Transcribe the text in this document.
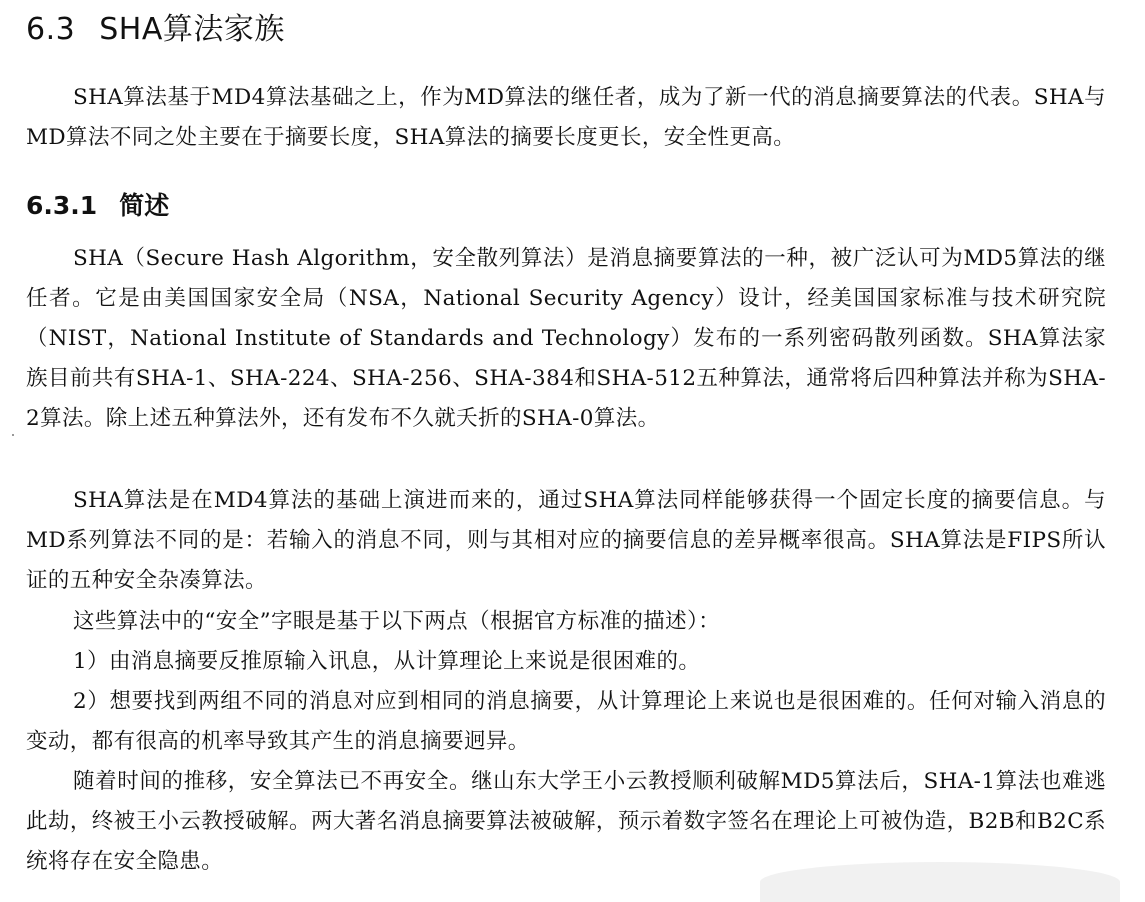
6.3 SHA算法家族

SHA算法基于MD4算法基础之上，作为MD算法的继任者，成为了新一代的消息摘要算法的代表。SHA与MD算法不同之处主要在于摘要长度，SHA算法的摘要长度更长，安全性更高。

6.3.1 简述

SHA（Secure Hash Algorithm，安全散列算法）是消息摘要算法的一种，被广泛认可为MD5算法的继任者。它是由美国国家安全局（NSA，National Security Agency）设计，经美国国家标准与技术研究院（NIST，National Institute of Standards and Technology）发布的一系列密码散列函数。SHA算法家族目前共有SHA-1、SHA-224、SHA-256、SHA-384和SHA-512五种算法，通常将后四种算法并称为SHA-2算法。除上述五种算法外，还有发布不久就夭折的SHA-0算法。

SHA算法是在MD4算法的基础上演进而来的，通过SHA算法同样能够获得一个固定长度的摘要信息。与MD系列算法不同的是：若输入的消息不同，则与其相对应的摘要信息的差异概率很高。SHA算法是FIPS所认证的五种安全杂凑算法。

这些算法中的“安全”字眼是基于以下两点（根据官方标准的描述）：

1）由消息摘要反推原输入讯息，从计算理论上来说是很困难的。

2）想要找到两组不同的消息对应到相同的消息摘要，从计算理论上来说也是很困难的。任何对输入消息的变动，都有很高的机率导致其产生的消息摘要迥异。

随着时间的推移，安全算法已不再安全。继山东大学王小云教授顺利破解MD5算法后，SHA-1算法也难逃此劫，终被王小云教授破解。两大著名消息摘要算法被破解，预示着数字签名在理论上可被伪造，B2B和B2C系统将存在安全隐患。
